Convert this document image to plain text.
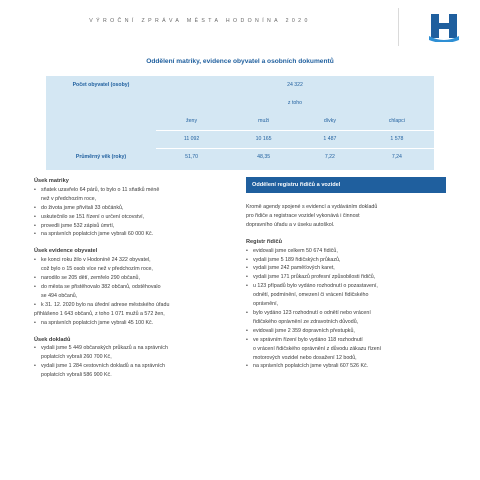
VÝROČNÍ ZPRÁVA MĚSTA HODONÍNA 2020
Oddělení matriky, evidence obyvatel a osobních dokumentů
Počet obyvatel (osoby)	24 322			
	z toho			
	ženy	muži	dívky	chlapci
	11 092	10 165	1 487	1 578
Průměrný věk (roky)	51,70	48,35	7,22	7,24
Úsek matriky
• sňatek uzavřelo 64 párů, to bylo o 11 sňatků méně
než v předchozím roce,
• do života jsme přivítali 33 občánků,
• uskutečnilo se 151 řízení o určení otcovství,
• provedli jsme 532 zápisů úmrtí,
• na správních poplatcích jsme vybrali 60 000 Kč.
Úsek evidence obyvatel
• ke konci roku žilo v Hodoníně 24 322 obyvatel,
což bylo o 15 osob více než v předchozím roce,
• narodilo se 205 dětí, zemřelo 290 občanů,
• do města se přistěhovalo 382 občanů, odstěhovalo
se 494 občanů,
• k 31. 12. 2020 bylo na úřední adrese městského úřadu

přihlášeno 1 643 občanů, z toho 1 071 mužů a 572 žen,

• na správních poplatcích jsme vybrali 45 100 Kč.
Úsek dokladů
• vydali jsme 5 449 občanských průkazů a na správních
poplatcích vybrali 260 700 Kč,
• vydali jsme 1 284 cestovních dokladů a na správních
poplatcích vybrali 586 900 Kč.
Oddělení registru řidičů a vozidel

Kromě agendy spojené s evidencí a vydáváním dokladů

pro řidiče a registrace vozidel vykonává i činnost

dopravního úřadu a v úseku autoškol.

Registr řidičů
• evidovali jsme celkem 50 674 řidičů,
• vydali jsme 5 189 řidičských průkazů,
• vydali jsme 242 paměťových karet,
• vydali jsme 171 průkazů profesní způsobilosti řidičů,
• u 123 případů bylo vydáno rozhodnutí o pozastavení,
odnětí, podmínění, omezení či vrácení řidičského
oprávnění,
• bylo vydáno 123 rozhodnutí o odnětí nebo vrácení
řidičského oprávnění ze zdravotních důvodů,
• evidovali jsme 2 359 dopravních přestupků,
• ve správním řízení bylo vydáno 118 rozhodnutí
o vrácení řidičského oprávnění z důvodu zákazu řízení
motorových vozidel nebo dosažení 12 bodů,
• na správních poplatcích jsme vybrali 607 526 Kč.
